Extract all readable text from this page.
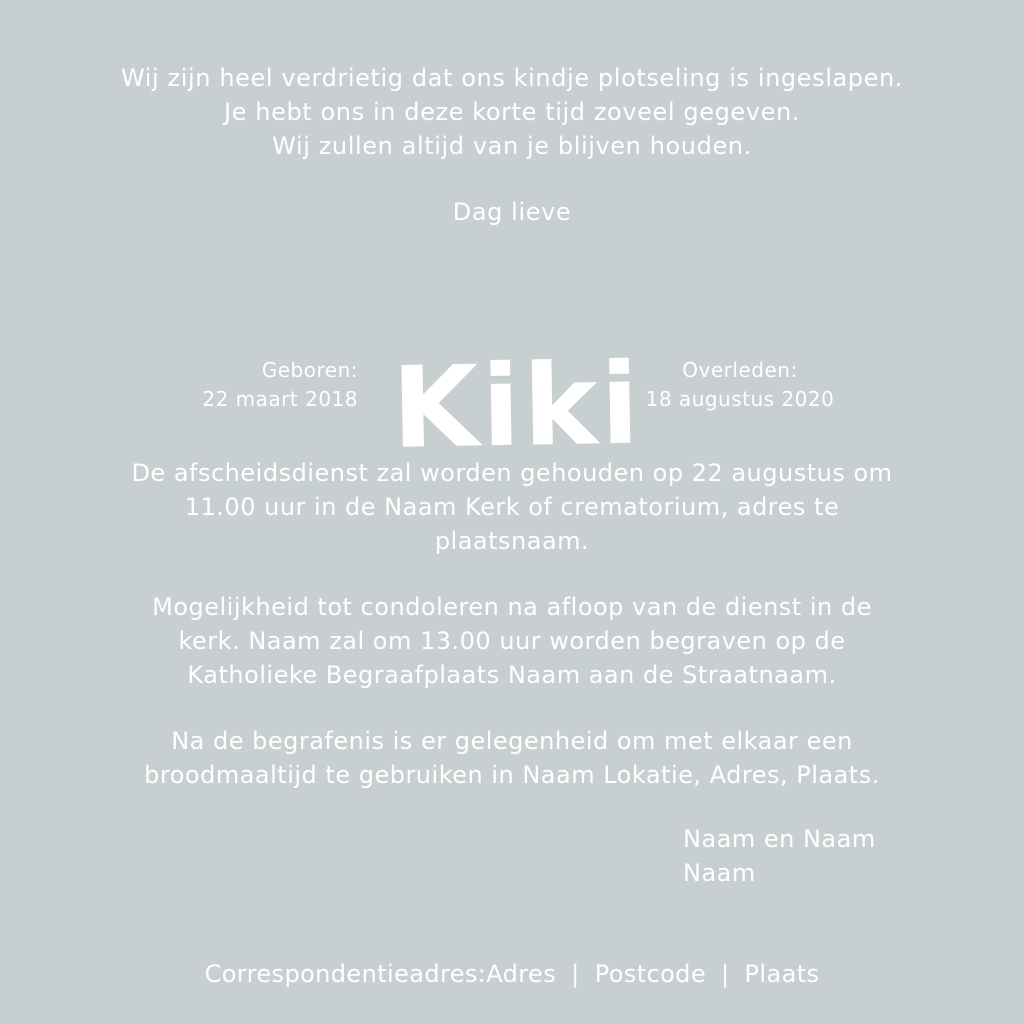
Wij zijn heel verdrietig dat ons kindje plotseling is ingeslapen.
Je hebt ons in deze korte tijd zoveel gegeven.
Wij zullen altijd van je blijven houden.
Dag lieve
Geboren:
22 maart 2018 Kiki	Overleden:
18 augustus 2020
De afscheidsdienst zal worden gehouden op 22 augustus om
11.00 uur in de Naam Kerk of crematorium, adres te
plaatsnaam.
Mogelijkheid tot condoleren na afloop van de dienst in de
kerk. Naam zal om 13.00 uur worden begraven op de
Katholieke Begraafplaats Naam aan de Straatnaam.
Na de begrafenis is er gelegenheid om met elkaar een
broodmaaltijd te gebruiken in Naam Lokatie, Adres, Plaats.
Naam en Naam
Naam
Correspondentieadres:Adres | Postcode | Plaats
